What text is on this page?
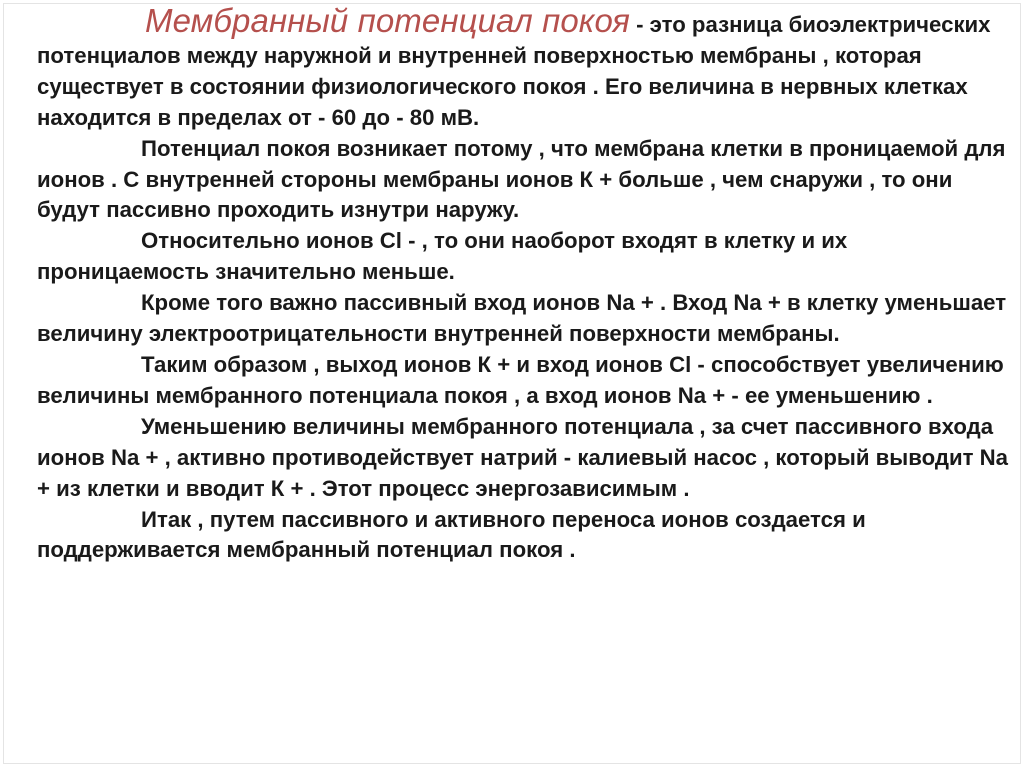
Мембранный потенциал покоя - это разница биоэлектрических потенциалов между наружной и внутренней поверхностью мембраны , которая существует в состоянии физиологического покоя . Его величина в нервных клетках находится в пределах от - 60 до - 80 мВ.

Потенциал покоя возникает потому , что мембрана клетки в проницаемой для ионов . С внутренней стороны мембраны ионов К + больше , чем снаружи , то они будут пассивно проходить изнутри наружу.

Относительно ионов Cl - , то они наоборот входят в клетку и их проницаемость значительно меньше.

Кроме того важно пассивный вход ионов Na + . Вход Na + в клетку уменьшает величину электроотрицательности внутренней поверхности мембраны.

Таким образом , выход ионов К + и вход ионов Cl - способствует увеличению величины мембранного потенциала покоя , а вход ионов Na + - ее уменьшению .

Уменьшению величины мембранного потенциала , за счет пассивного входа ионов Na + , активно противодействует натрий - калиевый насос , который выводит Na + из клетки и вводит К + . Этот процесс энергозависимым .

Итак , путем пассивного и активного переноса ионов создается и поддерживается мембранный потенциал покоя .
